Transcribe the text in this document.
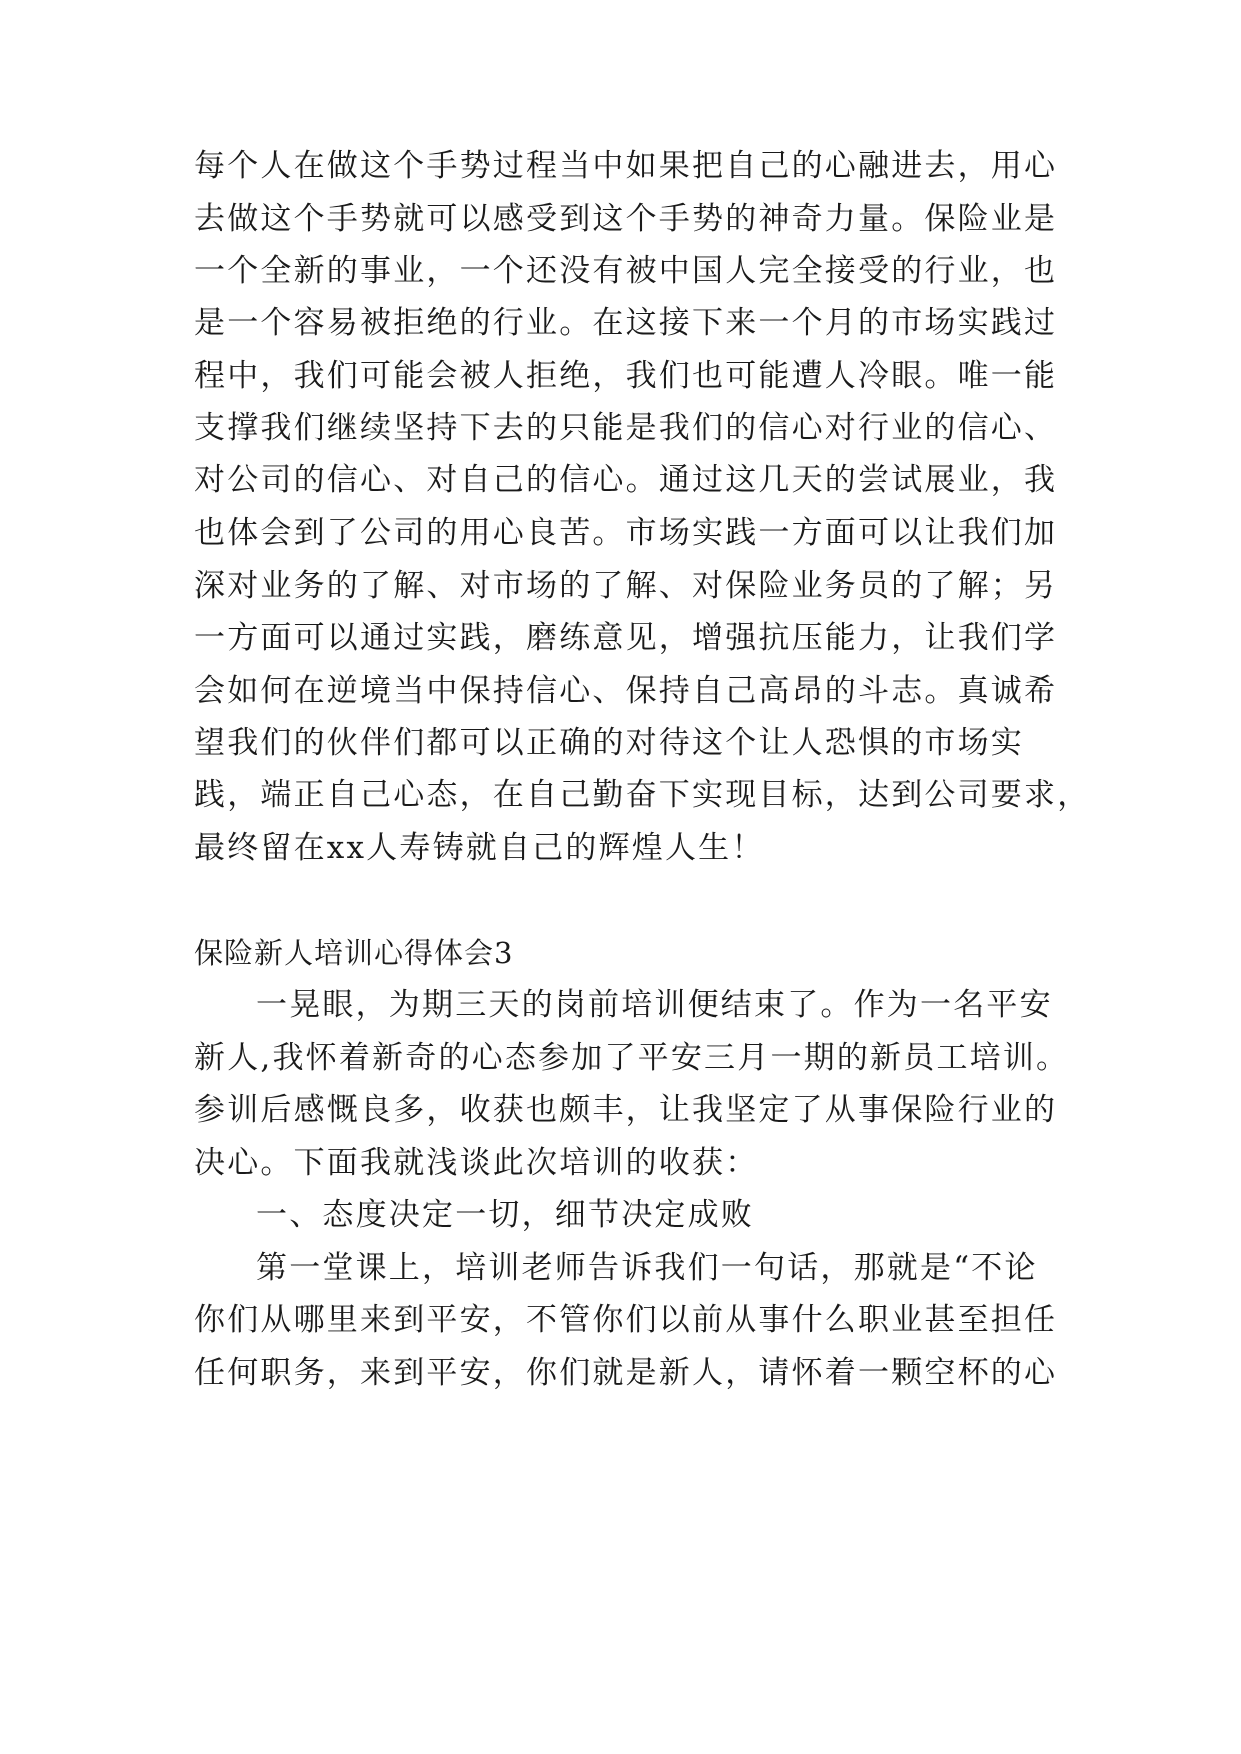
每个人在做这个手势过程当中如果把自己的心融进去，用心
去做这个手势就可以感受到这个手势的神奇力量。保险业是
一个全新的事业，一个还没有被中国人完全接受的行业，也
是一个容易被拒绝的行业。在这接下来一个月的市场实践过
程中，我们可能会被人拒绝，我们也可能遭人冷眼。唯一能
支撑我们继续坚持下去的只能是我们的信心对行业的信心、
对公司的信心、对自己的信心。通过这几天的尝试展业，我
也体会到了公司的用心良苦。市场实践一方面可以让我们加
深对业务的了解、对市场的了解、对保险业务员的了解；另
一方面可以通过实践，磨练意见，增强抗压能力，让我们学
会如何在逆境当中保持信心、保持自己高昂的斗志。真诚希
望我们的伙伴们都可以正确的对待这个让人恐惧的市场实
践，端正自己心态，在自己勤奋下实现目标，达到公司要求，
最终留在xx人寿铸就自己的辉煌人生！
保险新人培训心得体会3
一晃眼，为期三天的岗前培训便结束了。作为一名平安
新人,我怀着新奇的心态参加了平安三月一期的新员工培训。
参训后感慨良多，收获也颇丰，让我坚定了从事保险行业的
决心。下面我就浅谈此次培训的收获：
一、态度决定一切，细节决定成败
第一堂课上，培训老师告诉我们一句话，那就是“不论
你们从哪里来到平安，不管你们以前从事什么职业甚至担任
任何职务，来到平安，你们就是新人，请怀着一颗空杯的心
